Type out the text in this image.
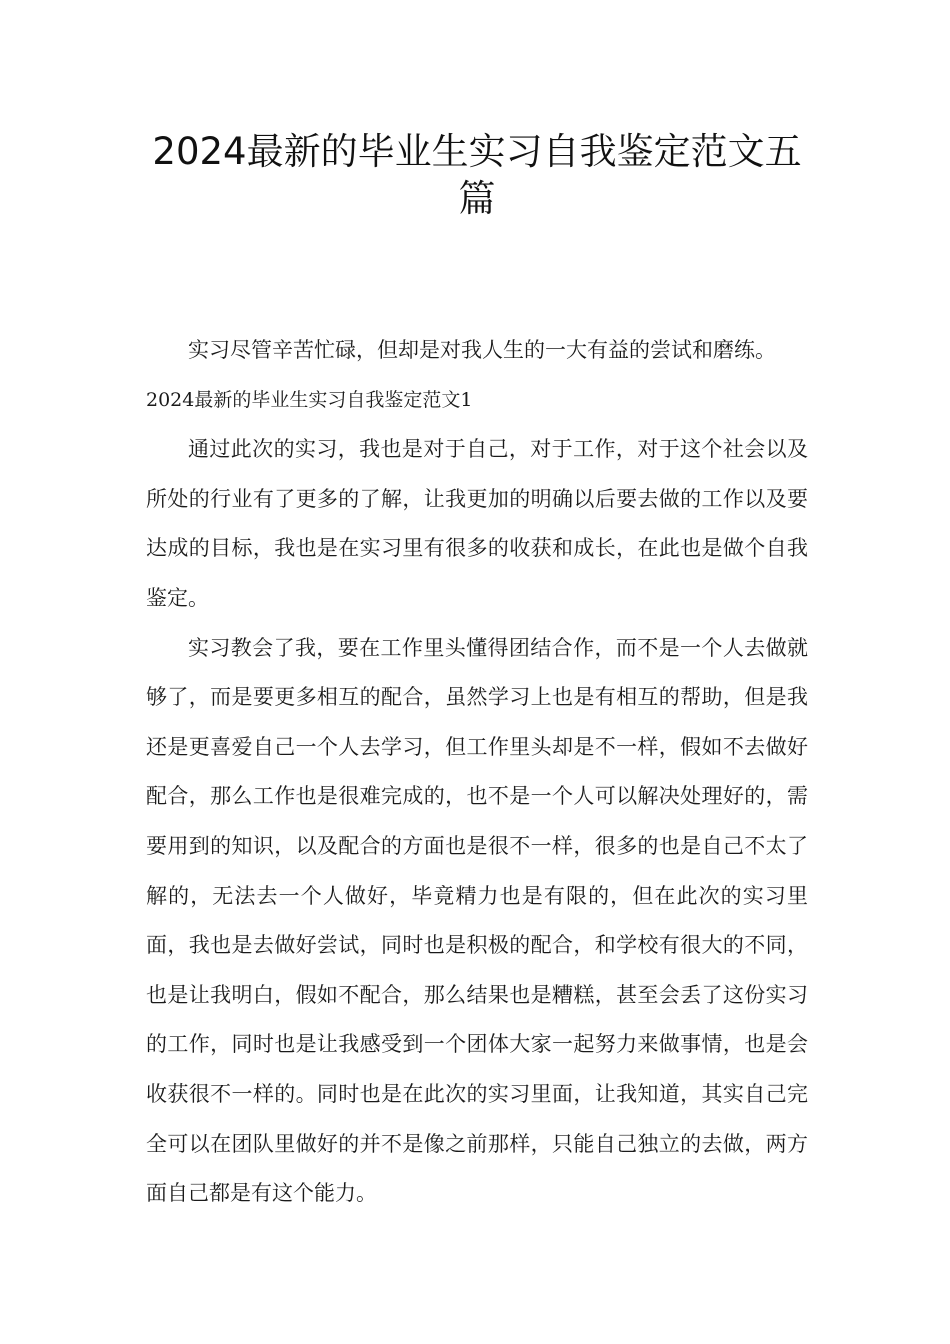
2024最新的毕业生实习自我鉴定范文五篇

实习尽管辛苦忙碌，但却是对我人生的一大有益的尝试和磨练。

2024最新的毕业生实习自我鉴定范文1

通过此次的实习，我也是对于自己，对于工作，对于这个社会以及所处的行业有了更多的了解，让我更加的明确以后要去做的工作以及要达成的目标，我也是在实习里有很多的收获和成长，在此也是做个自我鉴定。

实习教会了我，要在工作里头懂得团结合作，而不是一个人去做就够了，而是要更多相互的配合，虽然学习上也是有相互的帮助，但是我还是更喜爱自己一个人去学习，但工作里头却是不一样，假如不去做好配合，那么工作也是很难完成的，也不是一个人可以解决处理好的，需要用到的知识，以及配合的方面也是很不一样，很多的也是自己不太了解的，无法去一个人做好，毕竟精力也是有限的，但在此次的实习里面，我也是去做好尝试，同时也是积极的配合，和学校有很大的不同，也是让我明白，假如不配合，那么结果也是糟糕，甚至会丢了这份实习的工作，同时也是让我感受到一个团体大家一起努力来做事情，也是会收获很不一样的。同时也是在此次的实习里面，让我知道，其实自己完全可以在团队里做好的并不是像之前那样，只能自己独立的去做，两方面自己都是有这个能力。
